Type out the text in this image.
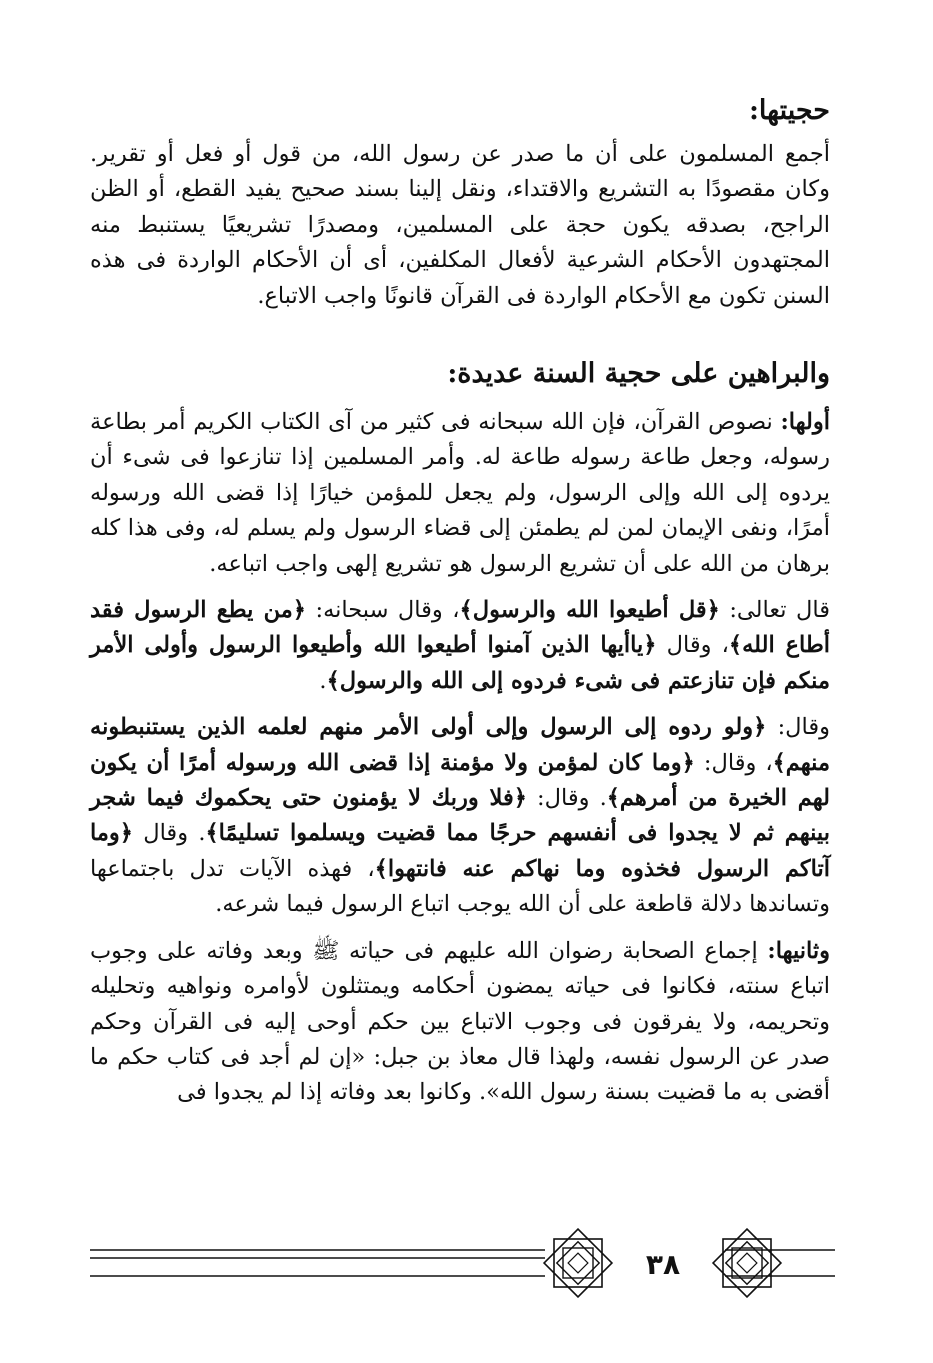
حجيتها:

أجمع المسلمون على أن ما صدر عن رسول الله، من قول أو فعل أو تقرير. وكان مقصودًا به التشريع والاقتداء، ونقل إلينا بسند صحيح يفيد القطع، أو الظن الراجح، بصدقه يكون حجة على المسلمين، ومصدرًا تشريعيًا يستنبط منه المجتهدون الأحكام الشرعية لأفعال المكلفين، أى أن الأحكام الواردة فى هذه السنن تكون مع الأحكام الواردة فى القرآن قانونًا واجب الاتباع.

والبراهين على حجية السنة عديدة:

أولها: نصوص القرآن، فإن الله سبحانه فى كثير من آى الكتاب الكريم أمر بطاعة رسوله، وجعل طاعة رسوله طاعة له. وأمر المسلمين إذا تنازعوا فى شىء أن يردوه إلى الله وإلى الرسول، ولم يجعل للمؤمن خيارًا إذا قضى الله ورسوله أمرًا، ونفى الإيمان لمن لم يطمئن إلى قضاء الرسول ولم يسلم له، وفى هذا كله برهان من الله على أن تشريع الرسول هو تشريع إلهى واجب اتباعه.

قال تعالى: ﴿قل أطيعوا الله والرسول﴾، وقال سبحانه: ﴿من يطع الرسول فقد أطاع الله﴾، وقال ﴿ياأيها الذين آمنوا أطيعوا الله وأطيعوا الرسول وأولى الأمر منكم فإن تنازعتم فى شىء فردوه إلى الله والرسول﴾.

وقال: ﴿ولو ردوه إلى الرسول وإلى أولى الأمر منهم لعلمه الذين يستنبطونه منهم﴾، وقال: ﴿وما كان لمؤمن ولا مؤمنة إذا قضى الله ورسوله أمرًا أن يكون لهم الخيرة من أمرهم﴾. وقال: ﴿فلا وربك لا يؤمنون حتى يحكموك فيما شجر بينهم ثم لا يجدوا فى أنفسهم حرجًا مما قضيت ويسلموا تسليمًا﴾. وقال ﴿وما آتاكم الرسول فخذوه وما نهاكم عنه فانتهوا﴾، فهذه الآيات تدل باجتماعها وتساندها دلالة قاطعة على أن الله يوجب اتباع الرسول فيما شرعه.

وثانيها: إجماع الصحابة رضوان الله عليهم فى حياته ﷺ وبعد وفاته على وجوب اتباع سنته، فكانوا فى حياته يمضون أحكامه ويمتثلون لأوامره ونواهيه وتحليله وتحريمه، ولا يفرقون فى وجوب الاتباع بين حكم أوحى إليه فى القرآن وحكم صدر عن الرسول نفسه، ولهذا قال معاذ بن جبل: «إن لم أجد فى كتاب حكم ما أقضى به ما قضيت بسنة رسول الله». وكانوا بعد وفاته إذا لم يجدوا فى

٣٨
